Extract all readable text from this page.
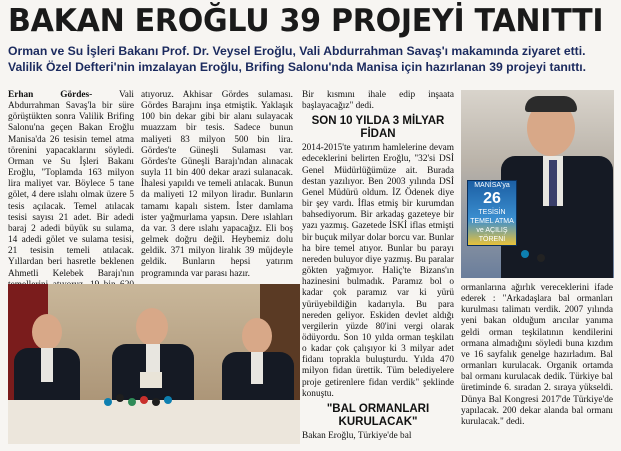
BAKAN EROĞLU 39 PROJEYİ TANITTI

Orman ve Su İşleri Bakanı Prof. Dr. Veysel Eroğlu, Vali Abdurrahman Savaş'ı makamında ziyaret etti.

Valilik Özel Defteri'nin imzalayan Eroğlu, Brifing Salonu'nda Manisa için hazırlanan 39 projeyi tanıttı.

Erhan Gördes-	Vali Abdurrahman Savaş'la bir süre görüştükten sonra Valilik Brifing Salonu'na geçen Bakan Eroğlu Manisa'da 26 tesisin temel atma törenini yapacaklarını söyledi. Orman ve Su İşleri Bakanı Eroğlu, "Toplamda 163 milyon lira maliyet var. Böylece 5 tane gölet, 4 dere ıslahı olmak üzere 5 tesis açılacak. Temel atılacak tesisi sayısı 21 adet. Bir adedi baraj 2 adedi büyük su sulama, 14 adedi gölet ve sulama tesisi, 21 tesisin temeli atılacak. Yıllardan beri hasretle beklenen Ahmetli Kelebek Barajı'nın

atıyoruz. Akhisar Gördes sulaması. Gördes Barajını inşa etmiştik. Yaklaşık 100 bin dekar gibi bir alanı sulayacak muazzam bir tesis. Sadece bunun maliyeti 83 milyon 500 bin lira. Gördes'te Güneşli Sulaması var. Gördes'te Güneşli Barajı'ndan alınacak suyla 11 bin 400 dekar arazi sulanacak. İhalesi yapıldı ve temeli atılacak. Bunun da maliyeti 12 milyon liradır. Bunların tamamı kapalı sistem. İster damlama ister yağmurlama yapsın. Dere ıslahları da var. 3 dere ıslahı yapacağız. Eli boş gelmek doğru değil. Heybemiz dolu geldik. 371 milyon liralık 39 müjdeyle geldik. Bunların hepsi yatırım programında var parası hazır.

Bir kısmını ihale edip inşaata başlayacağız" dedi.

SON 10 YILDA 3 MİLYAR FİDAN

2014-2015'te yatırım hamlelerine devam edeceklerini belirten Eroğlu, "32'si DSİ Genel Müdürlüğümüze ait. Burada destan yazılıyor. Ben 2003 yılında DSİ Genel Müdürü oldum. İZ Ödenek diye bir şey vardı. İflas etmiş bir kurumdan bahsediyorum. Bir arkadaş gazeteye bir yazı yazmış. Gazetede İSKİ iflas etmişti bir buçuk milyar dolar borcu var. Bunlar ha bire temel atıyor. Bunlar bu parayı nereden buluyor diye yazmış. Bu paralar gökten yağmıyor. Haliç'te Bizans'ın hazinesini bulmadık. Paramız bol o kadar çok paramız var ki yürü yürüyebildiğin kadarıyla. Bu para nereden geliyor. Eskiden devlet aldığı vergilerin yüzde 80'ini vergi olarak ödüyordu. Son 10 yılda orman teşkilatı o kadar çok çalışıyor ki 3 milyar adet fidanı toprakla buluşturdu. Yılda 470 milyon fidan ürettik. Tüm belediyelere proje getirenlere fidan verdik" şeklinde konuştu.

"BAL ORMANLARI KURULACAK"

Bakan Eroğlu, Türkiye'de bal

ormanlarına ağırlık vereceklerini ifade ederek : "Arkadaşlara bal ormanları kurulması talimatı verdik. 2007 yılında yeni bakan olduğum arıcılar yanıma geldi orman teşkilatının kendilerini ormana almadığını söyledi buna kızdım ve 16 sayfalık genelge hazırladım. Bal ormanları kurulacak. Organik ortamda bal ormanı kurulacak dedik. Türkiye bal üretiminde 6. sıradan 2. sıraya yükseldi. Dünya Bal Kongresi 2017'de Türkiye'de yapılacak. 200 dekar alanda bal ormanı kurulacak." dedi.

MANİSA'ya
26
TESİSİN TEMEL ATMA ve AÇILIŞ TÖRENİ
